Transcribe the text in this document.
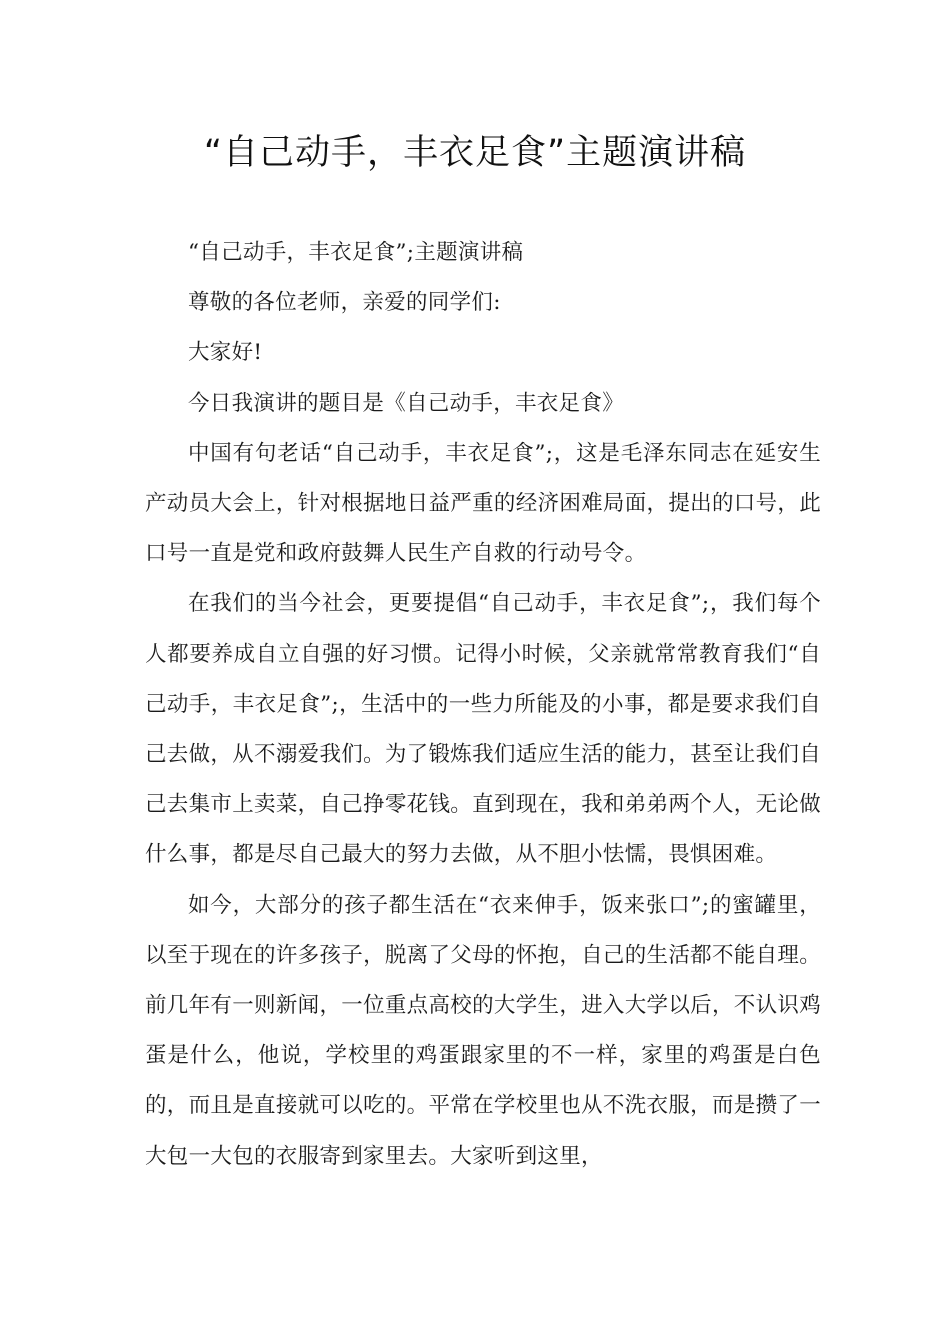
“自己动手，丰衣足食”主题演讲稿

“自己动手，丰衣足食”;主题演讲稿

尊敬的各位老师，亲爱的同学们:

大家好!

今日我演讲的题目是《自己动手，丰衣足食》

中国有句老话“自己动手，丰衣足食”;，这是毛泽东同志在延安生产动员大会上，针对根据地日益严重的经济困难局面，提出的口号，此口号一直是党和政府鼓舞人民生产自救的行动号令。

在我们的当今社会，更要提倡“自己动手，丰衣足食”;，我们每个人都要养成自立自强的好习惯。记得小时候，父亲就常常教育我们“自己动手，丰衣足食”;，生活中的一些力所能及的小事，都是要求我们自己去做，从不溺爱我们。为了锻炼我们适应生活的能力，甚至让我们自己去集市上卖菜，自己挣零花钱。直到现在，我和弟弟两个人，无论做什么事，都是尽自己最大的努力去做，从不胆小怯懦，畏惧困难。

如今，大部分的孩子都生活在“衣来伸手，饭来张口”;的蜜罐里，以至于现在的许多孩子，脱离了父母的怀抱，自己的生活都不能自理。前几年有一则新闻，一位重点高校的大学生，进入大学以后，不认识鸡蛋是什么，他说，学校里的鸡蛋跟家里的不一样，家里的鸡蛋是白色的，而且是直接就可以吃的。平常在学校里也从不洗衣服，而是攒了一大包一大包的衣服寄到家里去。大家听到这里，
